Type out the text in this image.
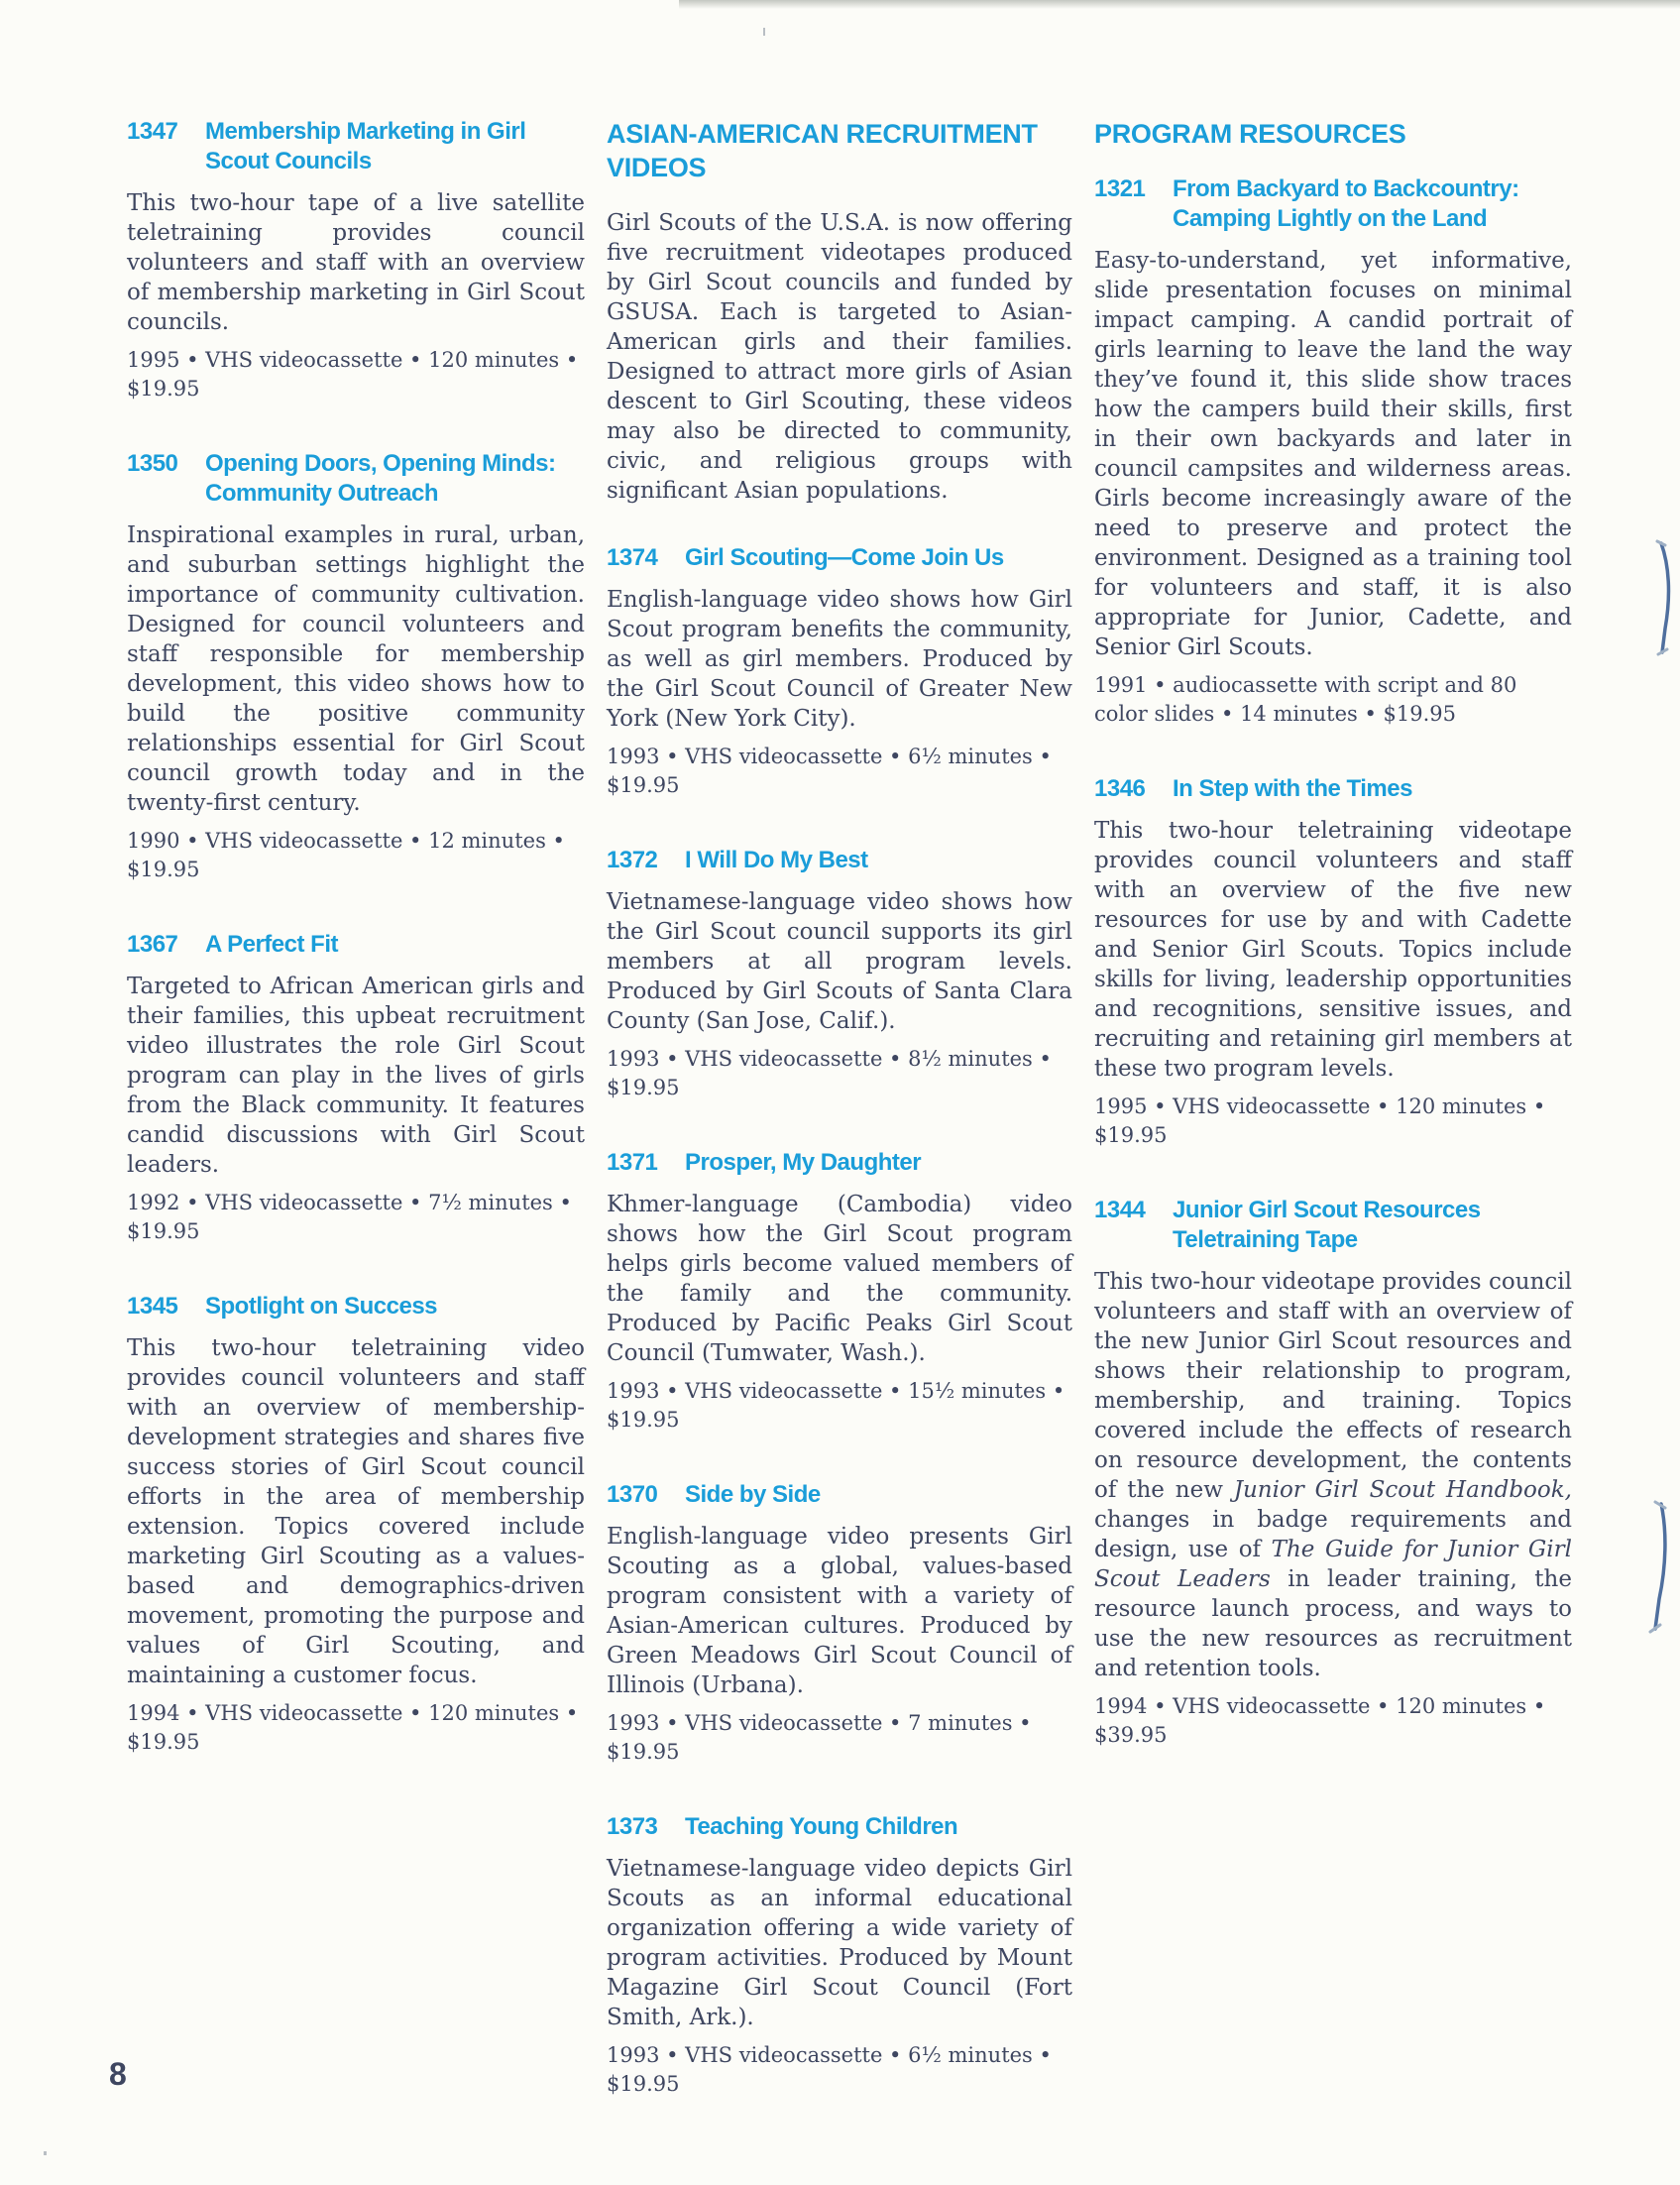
1347	Membership Marketing in Girl Scout Councils

This two-hour tape of a live satellite teletraining provides council volunteers and staff with an overview of membership marketing in Girl Scout councils.

1995 • VHS videocassette • 120 minutes • $19.95

1350	Opening Doors, Opening Minds: Community Outreach

Inspirational examples in rural, urban, and suburban settings highlight the importance of community cultivation. Designed for council volunteers and staff responsible for membership development, this video shows how to build the positive community relationships essential for Girl Scout council growth today and in the twenty-first century.

1990 • VHS videocassette • 12 minutes • $19.95

1367	A Perfect Fit

Targeted to African American girls and their families, this upbeat recruitment video illustrates the role Girl Scout program can play in the lives of girls from the Black community. It features candid discussions with Girl Scout leaders.

1992 • VHS videocassette • 7½ minutes • $19.95

1345	Spotlight on Success

This two-hour teletraining video provides council volunteers and staff with an overview of membership-development strategies and shares five success stories of Girl Scout council efforts in the area of membership extension. Topics covered include marketing Girl Scouting as a values-based and demographics-driven movement, promoting the purpose and values of Girl Scouting, and maintaining a customer focus.

1994 • VHS videocassette • 120 minutes • $19.95

ASIAN-AMERICAN RECRUITMENT VIDEOS

Girl Scouts of the U.S.A. is now offering five recruitment videotapes produced by Girl Scout councils and funded by GSUSA. Each is targeted to Asian-American girls and their families. Designed to attract more girls of Asian descent to Girl Scouting, these videos may also be directed to community, civic, and religious groups with significant Asian populations.

1374	Girl Scouting—Come Join Us

English-language video shows how Girl Scout program benefits the community, as well as girl members. Produced by the Girl Scout Council of Greater New York (New York City).

1993 • VHS videocassette • 6½ minutes • $19.95

1372	I Will Do My Best

Vietnamese-language video shows how the Girl Scout council supports its girl members at all program levels. Produced by Girl Scouts of Santa Clara County (San Jose, Calif.).

1993 • VHS videocassette • 8½ minutes • $19.95

1371	Prosper, My Daughter

Khmer-language (Cambodia) video shows how the Girl Scout program helps girls become valued members of the family and the community. Produced by Pacific Peaks Girl Scout Council (Tumwater, Wash.).

1993 • VHS videocassette • 15½ minutes • $19.95

1370	Side by Side

English-language video presents Girl Scouting as a global, values-based program consistent with a variety of Asian-American cultures. Produced by Green Meadows Girl Scout Council of Illinois (Urbana).

1993 • VHS videocassette • 7 minutes • $19.95

1373	Teaching Young Children

Vietnamese-language video depicts Girl Scouts as an informal educational organization offering a wide variety of program activities. Produced by Mount Magazine Girl Scout Council (Fort Smith, Ark.).

1993 • VHS videocassette • 6½ minutes • $19.95

PROGRAM RESOURCES
1321	From Backyard to Backcountry: Camping Lightly on the Land

Easy-to-understand, yet informative, slide presentation focuses on minimal impact camping. A candid portrait of girls learning to leave the land the way they’ve found it, this slide show traces how the campers build their skills, first in their own backyards and later in council campsites and wilderness areas. Girls become increasingly aware of the need to preserve and protect the environment. Designed as a training tool for volunteers and staff, it is also appropriate for Junior, Cadette, and Senior Girl Scouts.

1991 • audiocassette with script and 80 color slides • 14 minutes • $19.95

1346	In Step with the Times

This two-hour teletraining videotape provides council volunteers and staff with an overview of the five new resources for use by and with Cadette and Senior Girl Scouts. Topics include skills for living, leadership opportunities and recognitions, sensitive issues, and recruiting and retaining girl members at these two program levels.

1995 • VHS videocassette • 120 minutes • $19.95

1344	Junior Girl Scout Resources Teletraining Tape

This two-hour videotape provides council volunteers and staff with an overview of the new Junior Girl Scout resources and shows their relationship to program, membership, and training. Topics covered include the effects of research on resource development, the contents of the new Junior Girl Scout Handbook, changes in badge requirements and design, use of The Guide for Junior Girl Scout Leaders in leader training, the resource launch process, and ways to use the new resources as recruitment and retention tools.

1994 • VHS videocassette • 120 minutes • $39.95

8
